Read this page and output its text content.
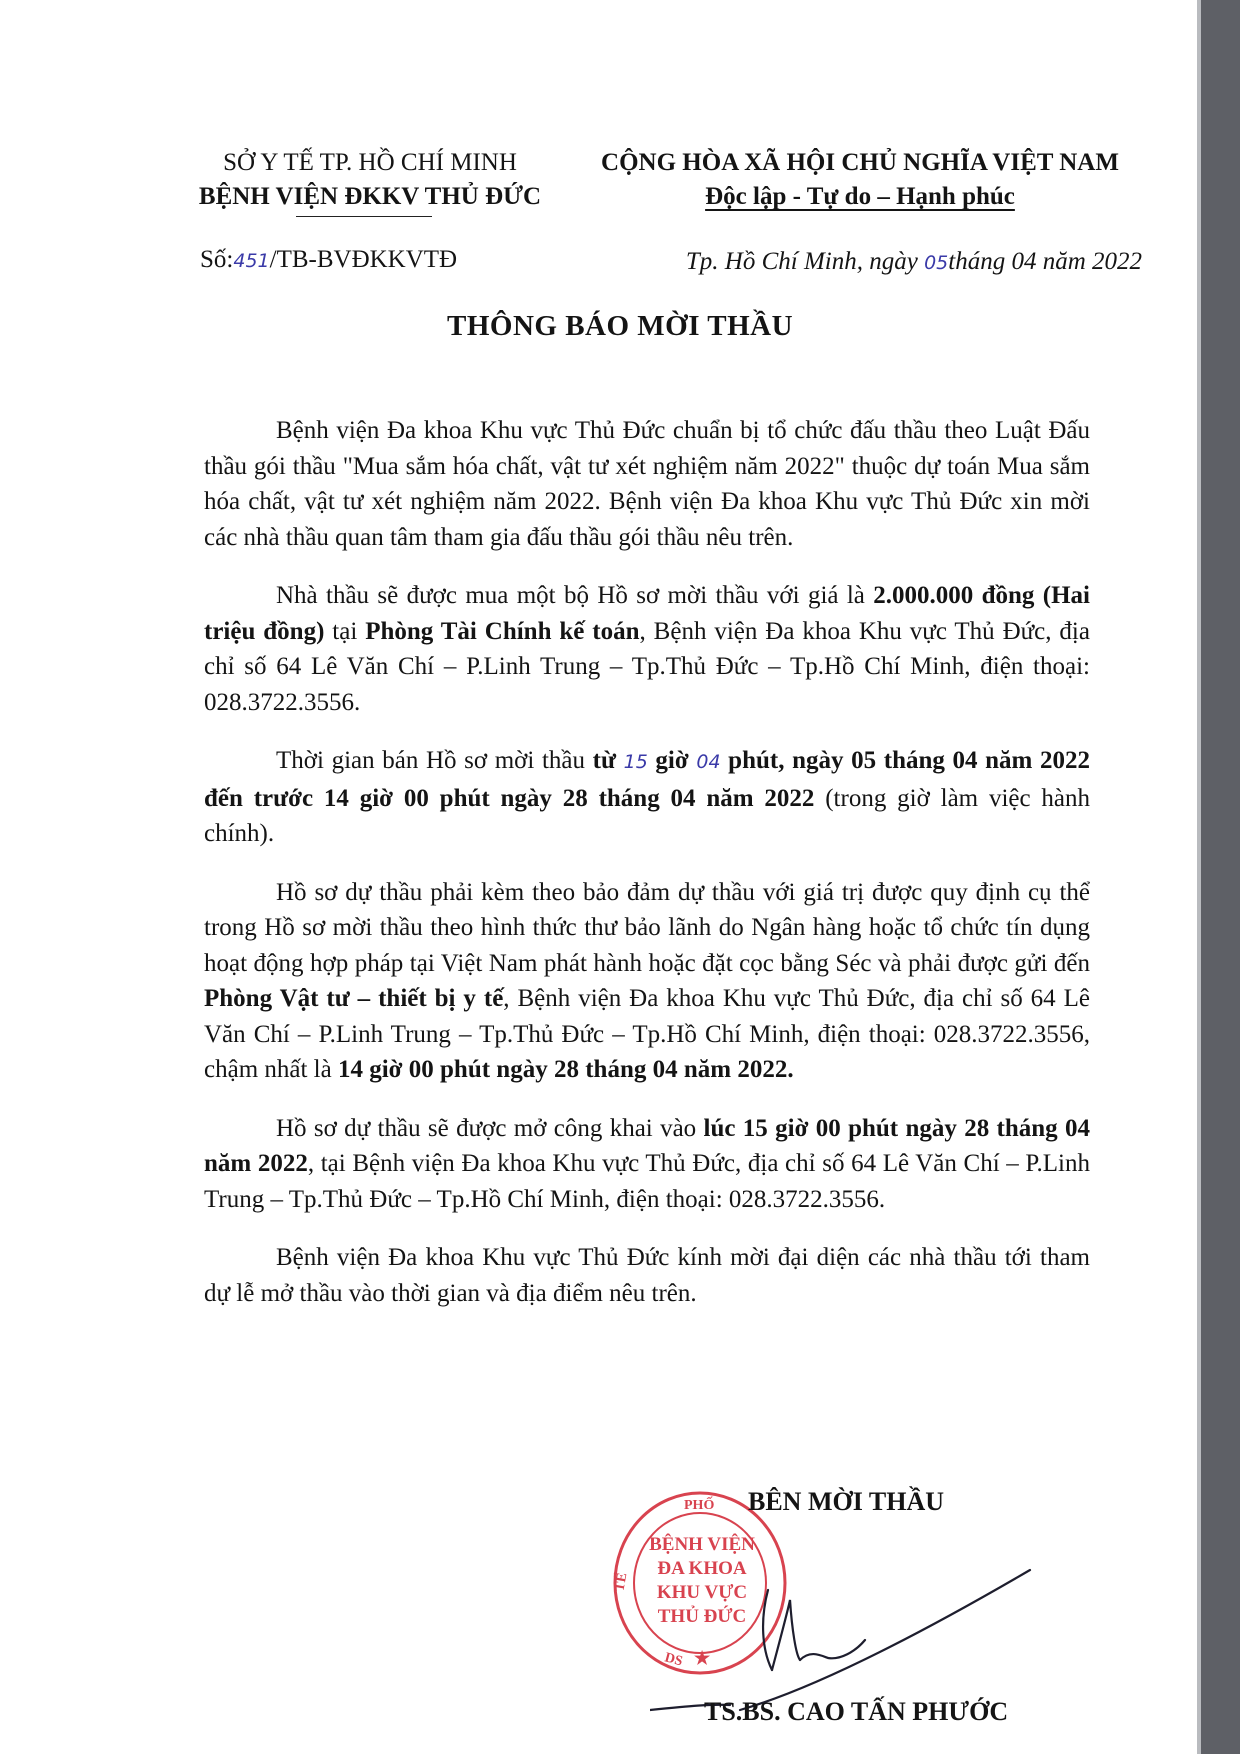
SỞ Y TẾ TP. HỒ CHÍ MINH
BỆNH VIỆN ĐKKV THỦ ĐỨC
CỘNG HÒA XÃ HỘI CHỦ NGHĨA VIỆT NAM
Độc lập - Tự do – Hạnh phúc
Số:451/TB-BVĐKKVTĐ	Tp. Hồ Chí Minh, ngày 05tháng 04 năm 2022
THÔNG BÁO MỜI THẦU

Bệnh viện Đa khoa Khu vực Thủ Đức chuẩn bị tổ chức đấu thầu theo Luật Đấu thầu gói thầu "Mua sắm hóa chất, vật tư xét nghiệm năm 2022" thuộc dự toán Mua sắm hóa chất, vật tư xét nghiệm năm 2022. Bệnh viện Đa khoa Khu vực Thủ Đức xin mời các nhà thầu quan tâm tham gia đấu thầu gói thầu nêu trên.

Nhà thầu sẽ được mua một bộ Hồ sơ mời thầu với giá là 2.000.000 đồng (Hai triệu đồng) tại Phòng Tài Chính kế toán, Bệnh viện Đa khoa Khu vực Thủ Đức, địa chỉ số 64 Lê Văn Chí – P.Linh Trung – Tp.Thủ Đức – Tp.Hồ Chí Minh, điện thoại: 028.3722.3556.

Thời gian bán Hồ sơ mời thầu từ 15 giờ 04 phút, ngày 05 tháng 04 năm 2022 đến trước 14 giờ 00 phút ngày 28 tháng 04 năm 2022 (trong giờ làm việc hành chính).

Hồ sơ dự thầu phải kèm theo bảo đảm dự thầu với giá trị được quy định cụ thể trong Hồ sơ mời thầu theo hình thức thư bảo lãnh do Ngân hàng hoặc tổ chức tín dụng hoạt động hợp pháp tại Việt Nam phát hành hoặc đặt cọc bằng Séc và phải được gửi đến Phòng Vật tư – thiết bị y tế, Bệnh viện Đa khoa Khu vực Thủ Đức, địa chỉ số 64 Lê Văn Chí – P.Linh Trung – Tp.Thủ Đức – Tp.Hồ Chí Minh, điện thoại: 028.3722.3556, chậm nhất là 14 giờ 00 phút ngày 28 tháng 04 năm 2022.

Hồ sơ dự thầu sẽ được mở công khai vào lúc 15 giờ 00 phút ngày 28 tháng 04 năm 2022, tại Bệnh viện Đa khoa Khu vực Thủ Đức, địa chỉ số 64 Lê Văn Chí – P.Linh Trung – Tp.Thủ Đức – Tp.Hồ Chí Minh, điện thoại: 028.3722.3556.

Bệnh viện Đa khoa Khu vực Thủ Đức kính mời đại diện các nhà thầu tới tham dự lễ mở thầu vào thời gian và địa điểm nêu trên.

BỆNH VIỆN
ĐA KHOA
KHU VỰC
THỦ ĐỨC
TẾ
PHỐ
DS ★
BÊN MỜI THẦU
TS.BS. CAO TẤN PHƯỚC
